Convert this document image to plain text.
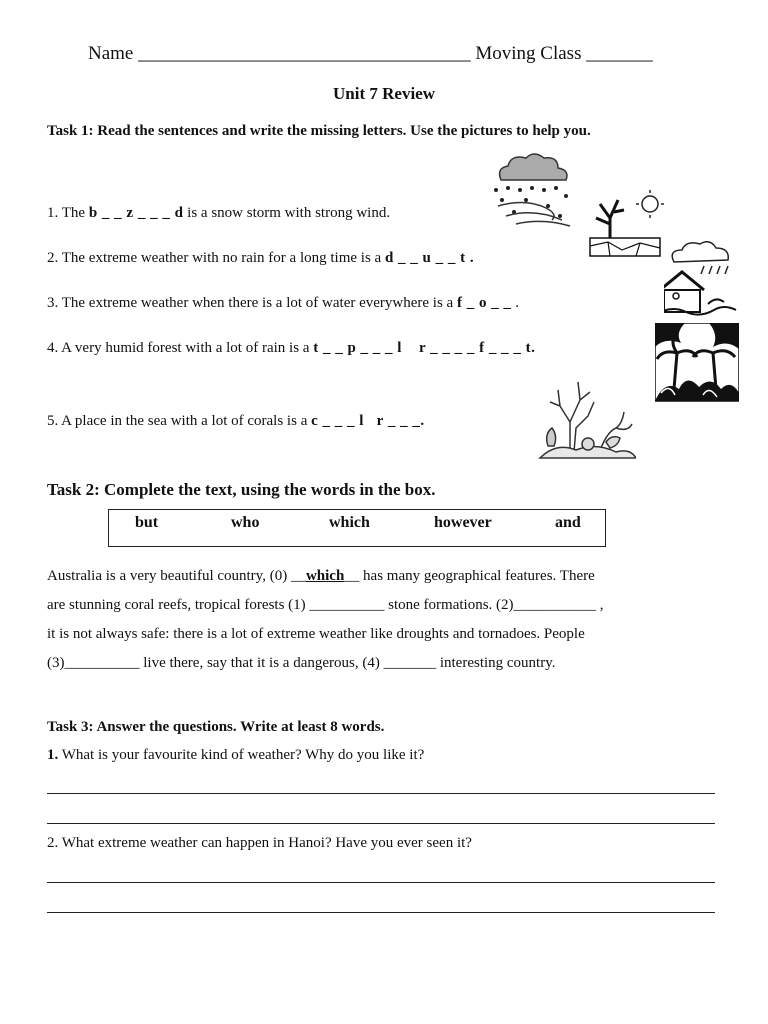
Name ___________________________________ Moving Class _______
Unit 7 Review
Task 1: Read the sentences and write the missing letters. Use the pictures to help you.
1. The b _ _ z _ _ _ d is a snow storm with strong wind.
2. The extreme weather with no rain for a long time is a d _ _ u _ _ t .
3. The extreme weather when there is a lot of water everywhere is a f _ o _ _ .
4. A very humid forest with a lot of rain is a t _ _ p _ _ _ l    r _ _ _ _ f _ _ _ t.
5. A place in the sea with a lot of corals is a c _ _ _ l   r _ _ _.
Task 2: Complete the text, using the words in the box.
but	who	which	however	and
Australia is a very beautiful country, (0) __which__ has many geographical features. There
are stunning coral reefs, tropical forests (1) __________ stone formations. (2)___________ ,
it is not always safe: there is a lot of extreme weather like droughts and tornadoes. People
(3)__________ live there, say that it is a dangerous, (4) _______ interesting country.
Task 3: Answer the questions. Write at least 8 words.
1. What is your favourite kind of weather? Why do you like it?
2. What extreme weather can happen in Hanoi? Have you ever seen it?
